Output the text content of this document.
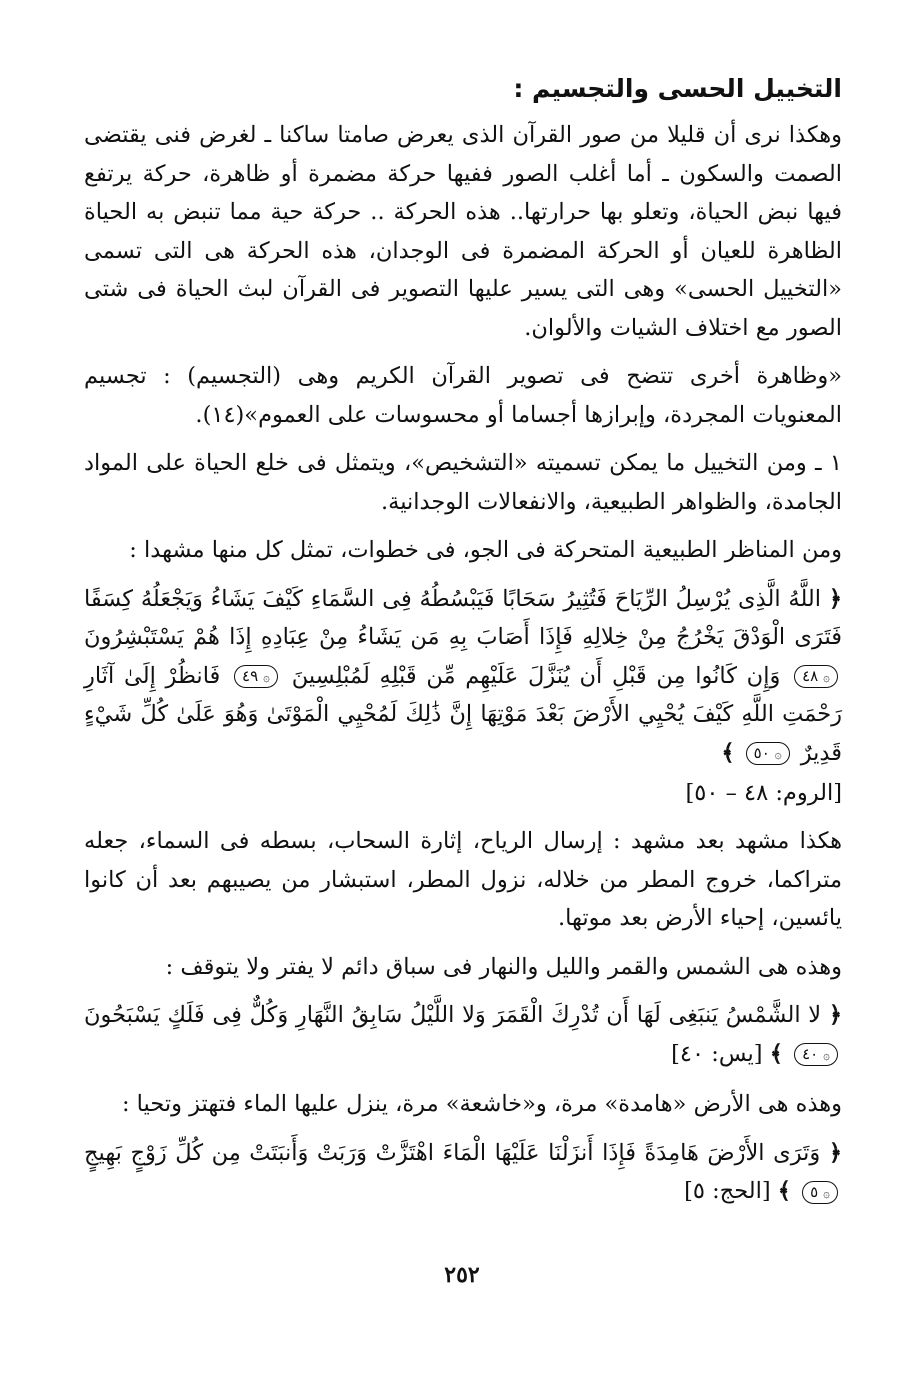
التخييل الحسى والتجسيم :

وهكذا نرى أن قليلا من صور القرآن الذى يعرض صامتا ساكنا ـ لغرض فنى يقتضى الصمت والسكون ـ أما أغلب الصور ففيها حركة مضمرة أو ظاهرة، حركة يرتفع فيها نبض الحياة، وتعلو بها حرارتها.. هذه الحركة .. حركة حية مما تنبض به الحياة الظاهرة للعيان أو الحركة المضمرة فى الوجدان، هذه الحركة هى التى تسمى «التخييل الحسى» وهى التى يسير عليها التصوير فى القرآن لبث الحياة فى شتى الصور مع اختلاف الشيات والألوان.

«وظاهرة أخرى تتضح فى تصوير القرآن الكريم وهى (التجسيم) : تجسيم المعنويات المجردة، وإبرازها أجساما أو محسوسات على العموم»(١٤).

١ ـ ومن التخييل ما يمكن تسميته «التشخيص»، ويتمثل فى خلع الحياة على المواد الجامدة، والظواهر الطبيعية، والانفعالات الوجدانية.

ومن المناظر الطبيعية المتحركة فى الجو، فى خطوات، تمثل كل منها مشهدا :

﴿ اللَّهُ الَّذِى يُرْسِلُ الرِّيَاحَ فَتُثِيرُ سَحَابًا فَيَبْسُطُهُ فِى السَّمَاءِ كَيْفَ يَشَاءُ وَيَجْعَلُهُ كِسَفًا فَتَرَى الْوَدْقَ يَخْرُجُ مِنْ خِلالِهِ فَإِذَا أَصَابَ بِهِ مَن يَشَاءُ مِنْ عِبَادِهِ إِذَا هُمْ يَسْتَبْشِرُونَ ۞ ٤٨ وَإِن كَانُوا مِن قَبْلِ أَن يُنَزَّلَ عَلَيْهِم مِّن قَبْلِهِ لَمُبْلِسِينَ ۞ ٤٩ فَانظُرْ إِلَىٰ آثَارِ رَحْمَتِ اللَّهِ كَيْفَ يُحْيِي الأَرْضَ بَعْدَ مَوْتِهَا إِنَّ ذَٰلِكَ لَمُحْيِي الْمَوْتَىٰ وَهُوَ عَلَىٰ كُلِّ شَيْءٍ قَدِيرٌ ۞ ٥٠ ﴾
[الروم: ٤٨ – ٥٠]

هكذا مشهد بعد مشهد : إرسال الرياح، إثارة السحاب، بسطه فى السماء، جعله متراكما، خروج المطر من خلاله، نزول المطر، استبشار من يصيبهم بعد أن كانوا يائسين، إحياء الأرض بعد موتها.

وهذه هى الشمس والقمر والليل والنهار فى سباق دائم لا يفتر ولا يتوقف :

﴿ لا الشَّمْسُ يَنبَغِى لَهَا أَن تُدْرِكَ الْقَمَرَ وَلا اللَّيْلُ سَابِقُ النَّهَارِ وَكُلٌّ فِى فَلَكٍ يَسْبَحُونَ ۞ ٤٠ ﴾ [يس: ٤٠]

وهذه هى الأرض «هامدة» مرة، و«خاشعة» مرة، ينزل عليها الماء فتهتز وتحيا :

﴿ وَتَرَى الأَرْضَ هَامِدَةً فَإِذَا أَنزَلْنَا عَلَيْهَا الْمَاءَ اهْتَزَّتْ وَرَبَتْ وَأَنبَتَتْ مِن كُلِّ زَوْجٍ بَهِيجٍ ۞ ٥ ﴾ [الحج: ٥]
٢٥٢
